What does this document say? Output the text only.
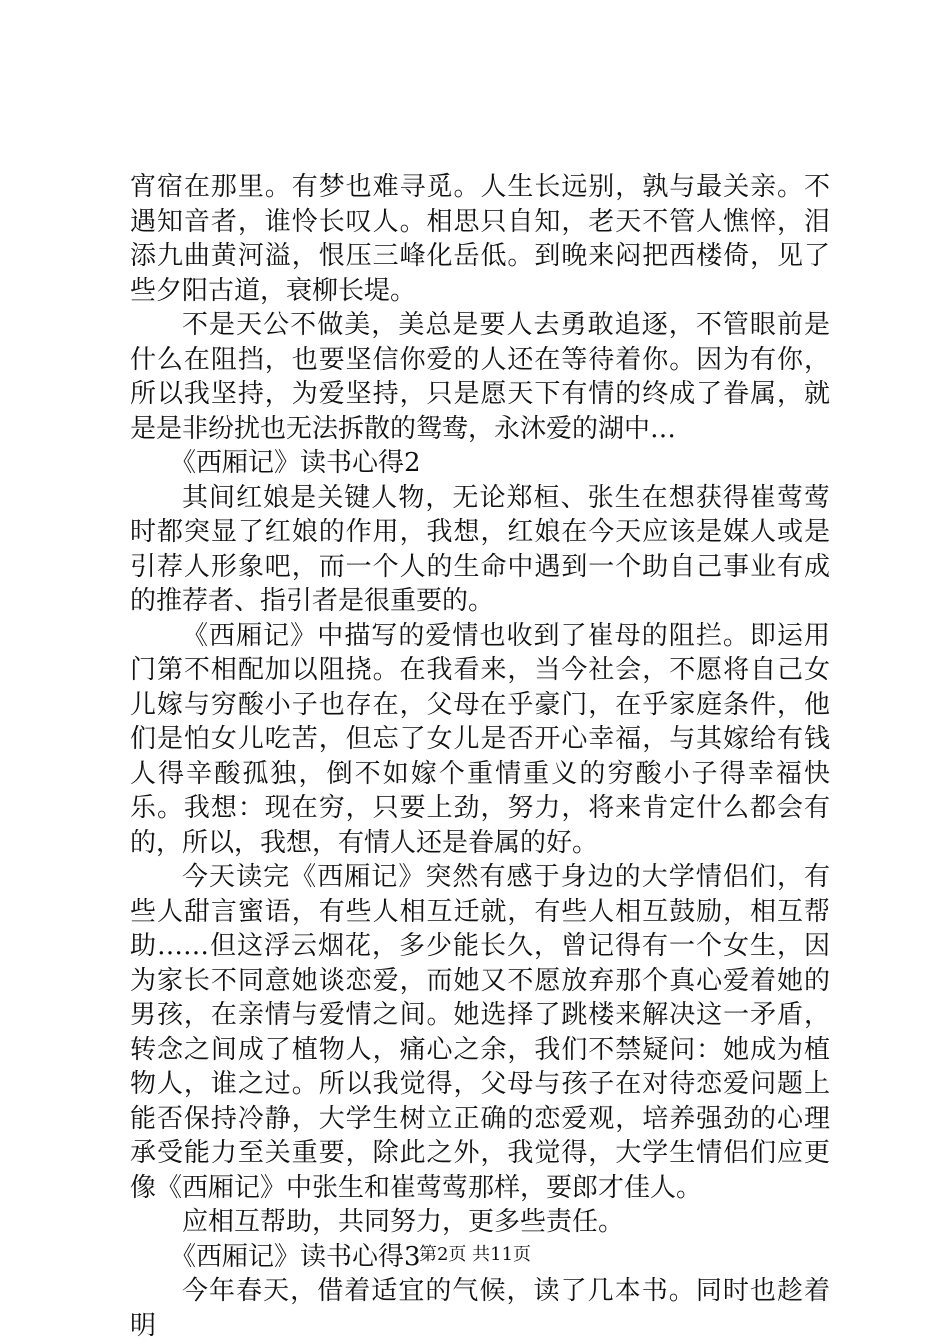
宵宿在那里。有梦也难寻觅。人生长远别，孰与最关亲。不遇知音者，谁怜长叹人。相思只自知，老天不管人憔悴，泪添九曲黄河溢，恨压三峰化岳低。到晚来闷把西楼倚，见了些夕阳古道，衰柳长堤。

不是天公不做美，美总是要人去勇敢追逐，不管眼前是什么在阻挡，也要坚信你爱的人还在等待着你。因为有你，所以我坚持，为爱坚持，只是愿天下有情的终成了眷属，就是是非纷扰也无法拆散的鸳鸯，永沐爱的湖中…

《西厢记》读书心得2

其间红娘是关键人物，无论郑桓、张生在想获得崔莺莺时都突显了红娘的作用，我想，红娘在今天应该是媒人或是引荐人形象吧，而一个人的生命中遇到一个助自己事业有成的推荐者、指引者是很重要的。

《西厢记》中描写的爱情也收到了崔母的阻拦。即运用门第不相配加以阻挠。在我看来，当今社会，不愿将自己女儿嫁与穷酸小子也存在，父母在乎豪门，在乎家庭条件，他们是怕女儿吃苦，但忘了女儿是否开心幸福，与其嫁给有钱人得辛酸孤独，倒不如嫁个重情重义的穷酸小子得幸福快乐。我想：现在穷，只要上劲，努力，将来肯定什么都会有的，所以，我想，有情人还是眷属的好。

今天读完《西厢记》突然有感于身边的大学情侣们，有些人甜言蜜语，有些人相互迁就，有些人相互鼓励，相互帮助……但这浮云烟花，多少能长久，曾记得有一个女生，因为家长不同意她谈恋爱，而她又不愿放弃那个真心爱着她的男孩，在亲情与爱情之间。她选择了跳楼来解决这一矛盾，转念之间成了植物人，痛心之余，我们不禁疑问：她成为植物人，谁之过。所以我觉得，父母与孩子在对待恋爱问题上能否保持冷静，大学生树立正确的恋爱观，培养强劲的心理承受能力至关重要，除此之外，我觉得，大学生情侣们应更像《西厢记》中张生和崔莺莺那样，要郎才佳人。

应相互帮助，共同努力，更多些责任。

《西厢记》读书心得3

今年春天，借着适宜的气候，读了几本书。同时也趁着明

第2页 共11页
